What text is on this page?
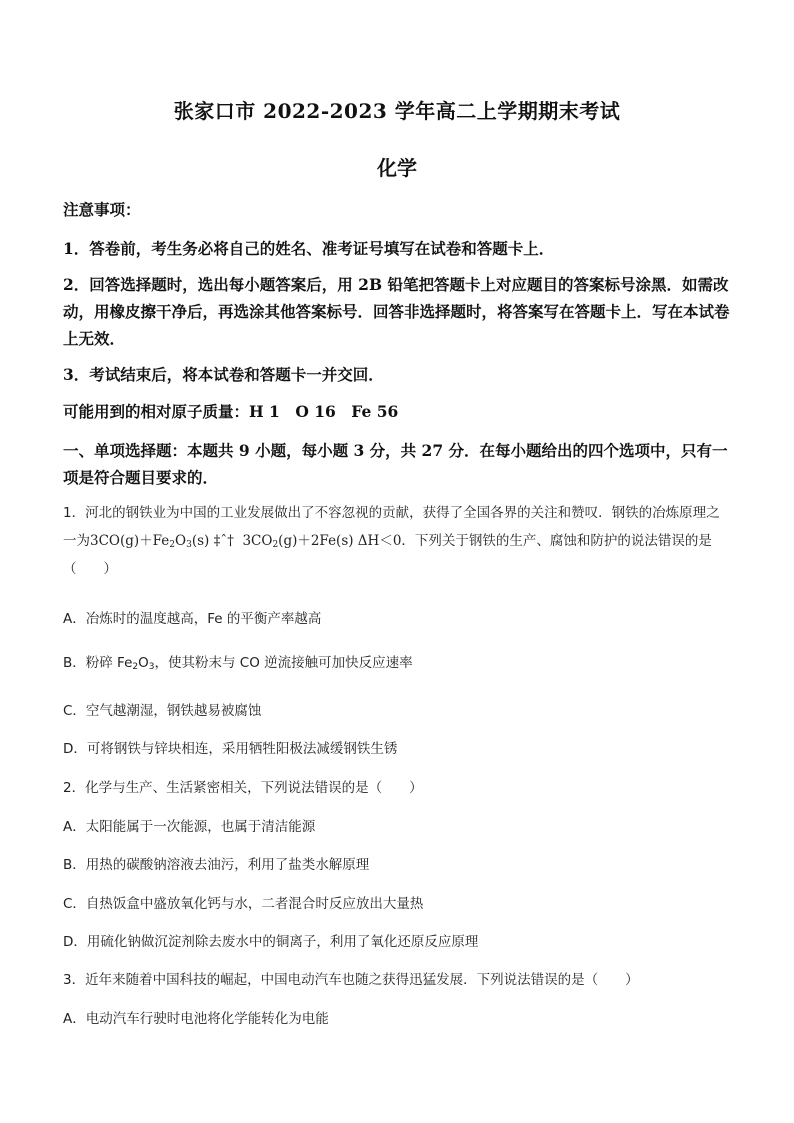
张家口市 2022-2023 学年高二上学期期末考试
化学
注意事项：
1．答卷前，考生务必将自己的姓名、准考证号填写在试卷和答题卡上．
2．回答选择题时，选出每小题答案后，用 2B 铅笔把答题卡上对应题目的答案标号涂黑．如需改动，用橡皮擦干净后，再选涂其他答案标号．回答非选择题时，将答案写在答题卡上．写在本试卷上无效．
3．考试结束后，将本试卷和答题卡一并交回．
可能用到的相对原子质量：H 1　O 16　Fe 56
一、单项选择题：本题共 9 小题，每小题 3 分，共 27 分．在每小题给出的四个选项中，只有一项是符合题目要求的．
1．河北的钢铁业为中国的工业发展做出了不容忽视的贡献，获得了全国各界的关注和赞叹．钢铁的冶炼原理之一为$3CO(g)+Fe_2O_3(s)$ ‡ˆ† $3CO_2(g)+2Fe(s)$ ΔH＜0．下列关于钢铁的生产、腐蚀和防护的说法错误的是（　　）
A．冶炼时的温度越高，Fe 的平衡产率越高
B．粉碎 $Fe_2O_3$，使其粉末与 CO 逆流接触可加快反应速率
C．空气越潮湿，钢铁越易被腐蚀
D．可将钢铁与锌块相连，采用牺牲阳极法减缓钢铁生锈
2．化学与生产、生活紧密相关，下列说法错误的是（　　）
A．太阳能属于一次能源，也属于清洁能源
B．用热的碳酸钠溶液去油污，利用了盐类水解原理
C．自热饭盒中盛放氧化钙与水，二者混合时反应放出大量热
D．用硫化钠做沉淀剂除去废水中的铜离子，利用了氧化还原反应原理
3．近年来随着中国科技的崛起，中国电动汽车也随之获得迅猛发展．下列说法错误的是（　　）
A．电动汽车行驶时电池将化学能转化为电能
